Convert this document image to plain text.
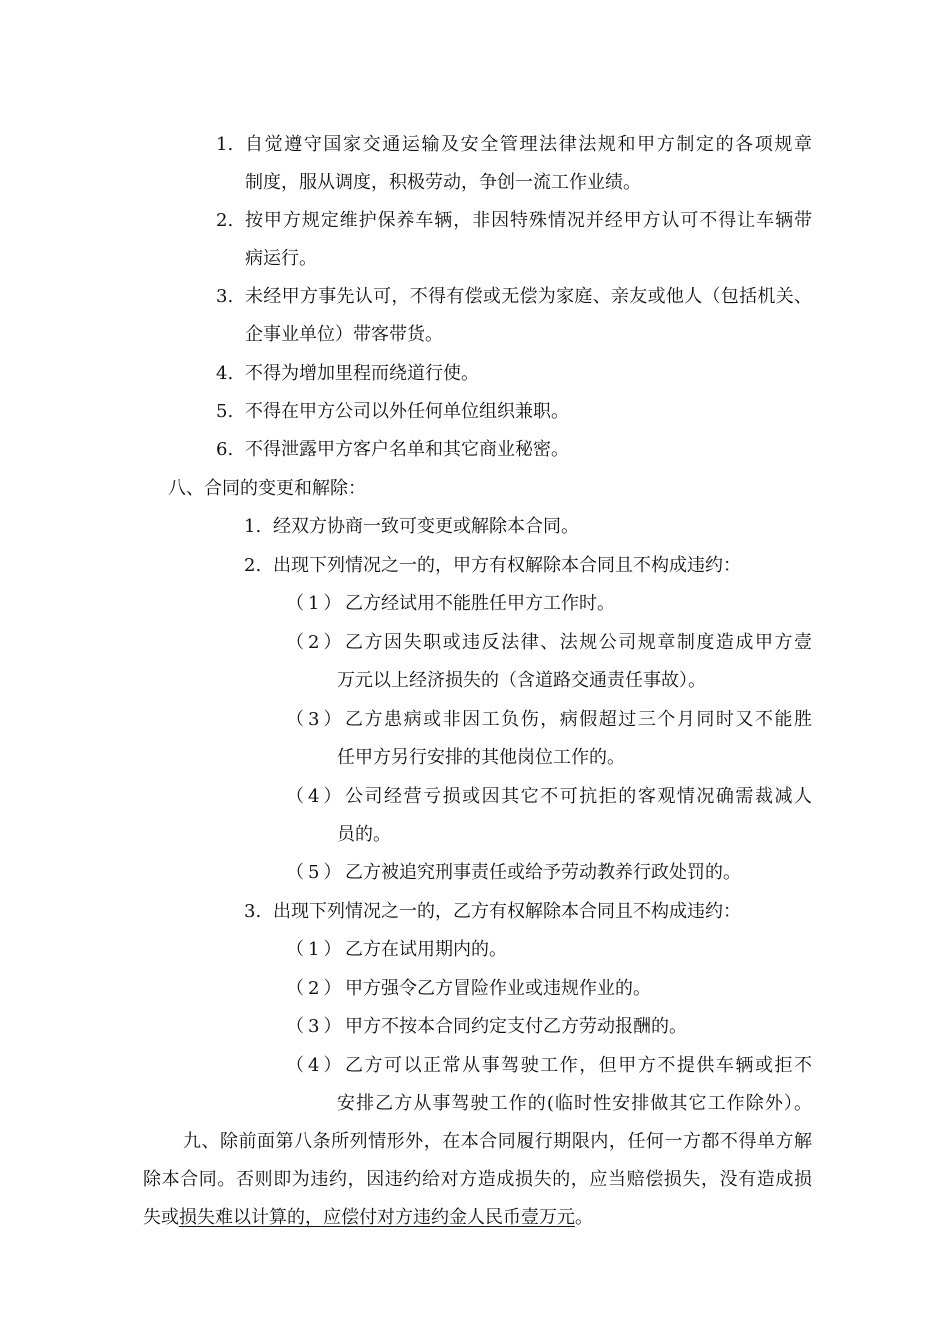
1. 自觉遵守国家交通运输及安全管理法律法规和甲方制定的各项规章
制度，服从调度，积极劳动，争创一流工作业绩。
2. 按甲方规定维护保养车辆，非因特殊情况并经甲方认可不得让车辆带
病运行。
3. 未经甲方事先认可，不得有偿或无偿为家庭、亲友或他人（包括机关、
企事业单位）带客带货。
4. 不得为增加里程而绕道行使。
5. 不得在甲方公司以外任何单位组织兼职。
6. 不得泄露甲方客户名单和其它商业秘密。
八、合同的变更和解除：
1. 经双方协商一致可变更或解除本合同。
2. 出现下列情况之一的，甲方有权解除本合同且不构成违约：
（1） 乙方经试用不能胜任甲方工作时。
（2） 乙方因失职或违反法律、法规公司规章制度造成甲方壹
万元以上经济损失的（含道路交通责任事故）。
（3） 乙方患病或非因工负伤，病假超过三个月同时又不能胜
任甲方另行安排的其他岗位工作的。
（4） 公司经营亏损或因其它不可抗拒的客观情况确需裁减人
员的。
（5） 乙方被追究刑事责任或给予劳动教养行政处罚的。
3. 出现下列情况之一的，乙方有权解除本合同且不构成违约：
（1） 乙方在试用期内的。
（2） 甲方强令乙方冒险作业或违规作业的。
（3） 甲方不按本合同约定支付乙方劳动报酬的。
（4） 乙方可以正常从事驾驶工作，但甲方不提供车辆或拒不
安排乙方从事驾驶工作的(临时性安排做其它工作除外）。
九、除前面第八条所列情形外，在本合同履行期限内，任何一方都不得单方解
除本合同。否则即为违约，因违约给对方造成损失的，应当赔偿损失，没有造成损
失或损失难以计算的，应偿付对方违约金人民币壹万元。
